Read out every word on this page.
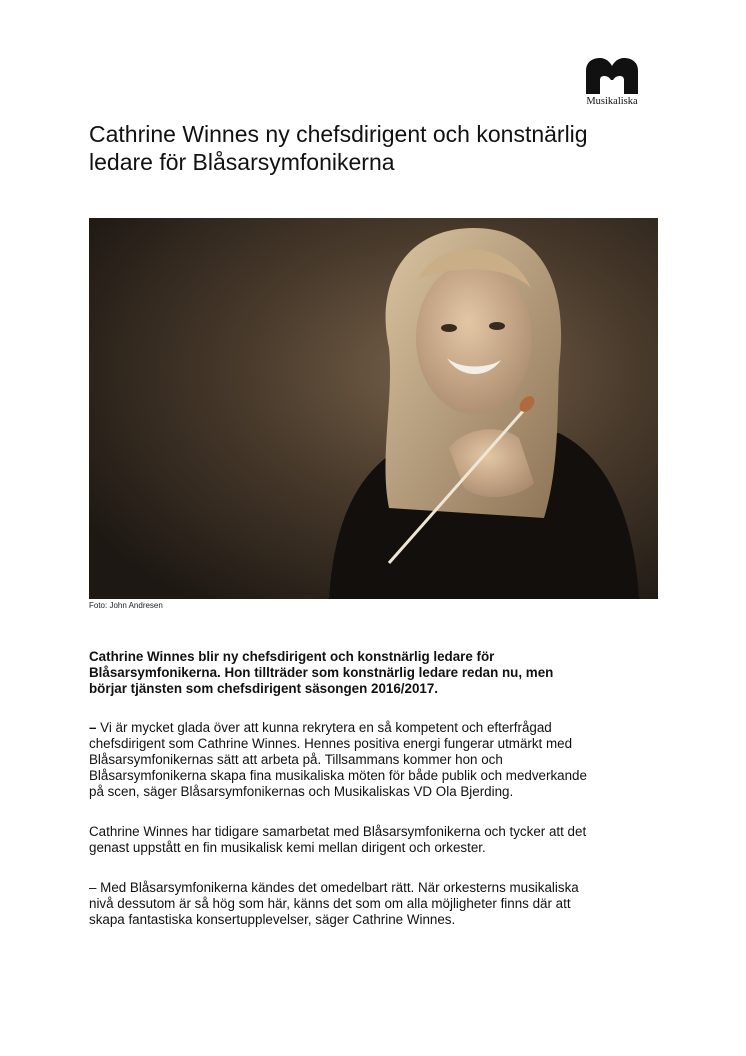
Musikaliska
Cathrine Winnes ny chefsdirigent och konstnärlig
ledare för Blåsarsymfonikerna
Foto: John Andresen

Cathrine Winnes blir ny chefsdirigent och konstnärlig ledare för
Blåsarsymfonikerna. Hon tillträder som konstnärlig ledare redan nu, men
börjar tjänsten som chefsdirigent säsongen 2016/2017.

– Vi är mycket glada över att kunna rekrytera en så kompetent och efterfrågad
chefsdirigent som Cathrine Winnes. Hennes positiva energi fungerar utmärkt med
Blåsarsymfonikernas sätt att arbeta på. Tillsammans kommer hon och
Blåsarsymfonikerna skapa fina musikaliska möten för både publik och medverkande
på scen, säger Blåsarsymfonikernas och Musikaliskas VD Ola Bjerding.

Cathrine Winnes har tidigare samarbetat med Blåsarsymfonikerna och tycker att det
genast uppstått en fin musikalisk kemi mellan dirigent och orkester.

– Med Blåsarsymfonikerna kändes det omedelbart rätt. När orkesterns musikaliska
nivå dessutom är så hög som här, känns det som om alla möjligheter finns där att
skapa fantastiska konsertupplevelser, säger Cathrine Winnes.
